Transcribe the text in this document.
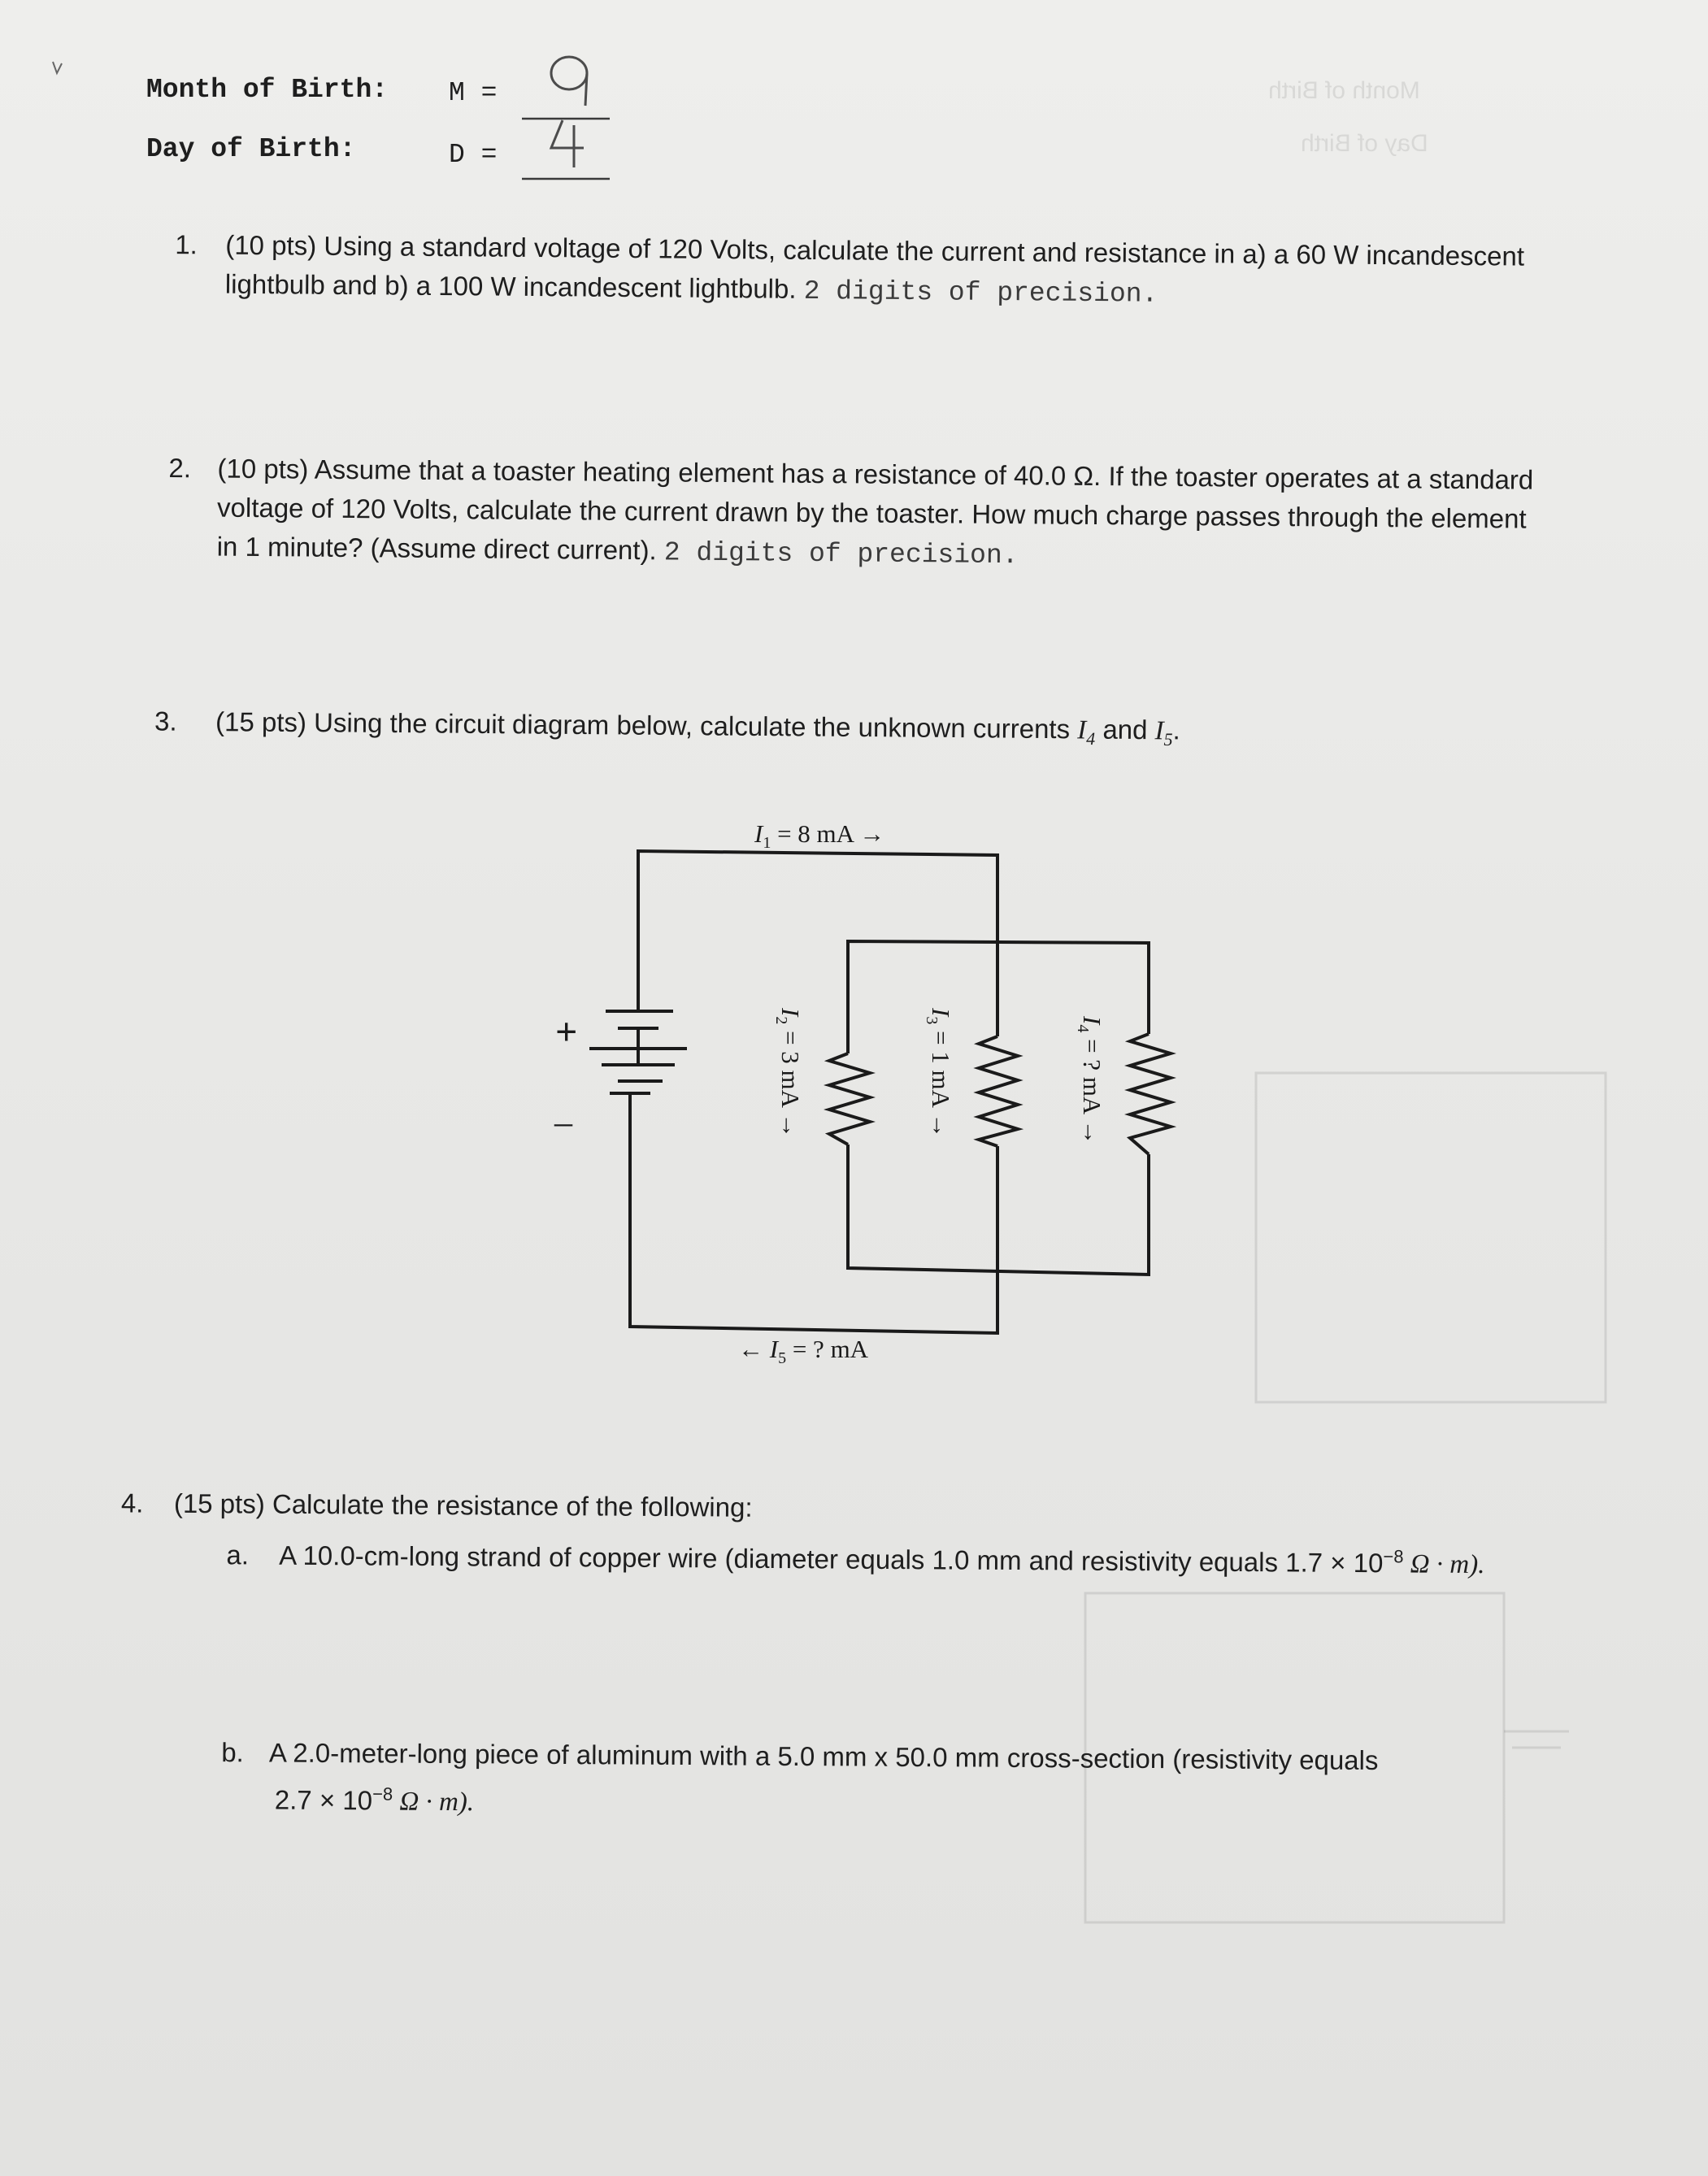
Month of Birth
Day of Birth
Month of Birth: M =
Day of Birth:	D =
1. (10 pts) Using a standard voltage of 120 Volts, calculate the current and resistance in a) a 60 W incandescent
lightbulb and b) a 100 W incandescent lightbulb. 2 digits of precision.
2. (10 pts) Assume that a toaster heating element has a resistance of 40.0 Ω. If the toaster operates at a standard
voltage of 120 Volts, calculate the current drawn by the toaster. How much charge passes through the element
in 1 minute? (Assume direct current). 2 digits of precision.
3. (15 pts) Using the circuit diagram below, calculate the unknown currents $I_4$ and $I_5$.
+
–
$I_1 = 8$ mA →
$I_2 = 3$ mA →
$I_3 = 1$ mA →
$I_4$ = ? mA →
← $I_5$ = ? mA
4. (15 pts) Calculate the resistance of the following:
a. A 10.0-cm-long strand of copper wire (diameter equals 1.0 mm and resistivity equals $1.7 \times 10^{-8}$ Ω · m).
b. A 2.0-meter-long piece of aluminum with a 5.0 mm x 50.0 mm cross-section (resistivity equals
$2.7 \times 10^{-8}$ Ω · m).
